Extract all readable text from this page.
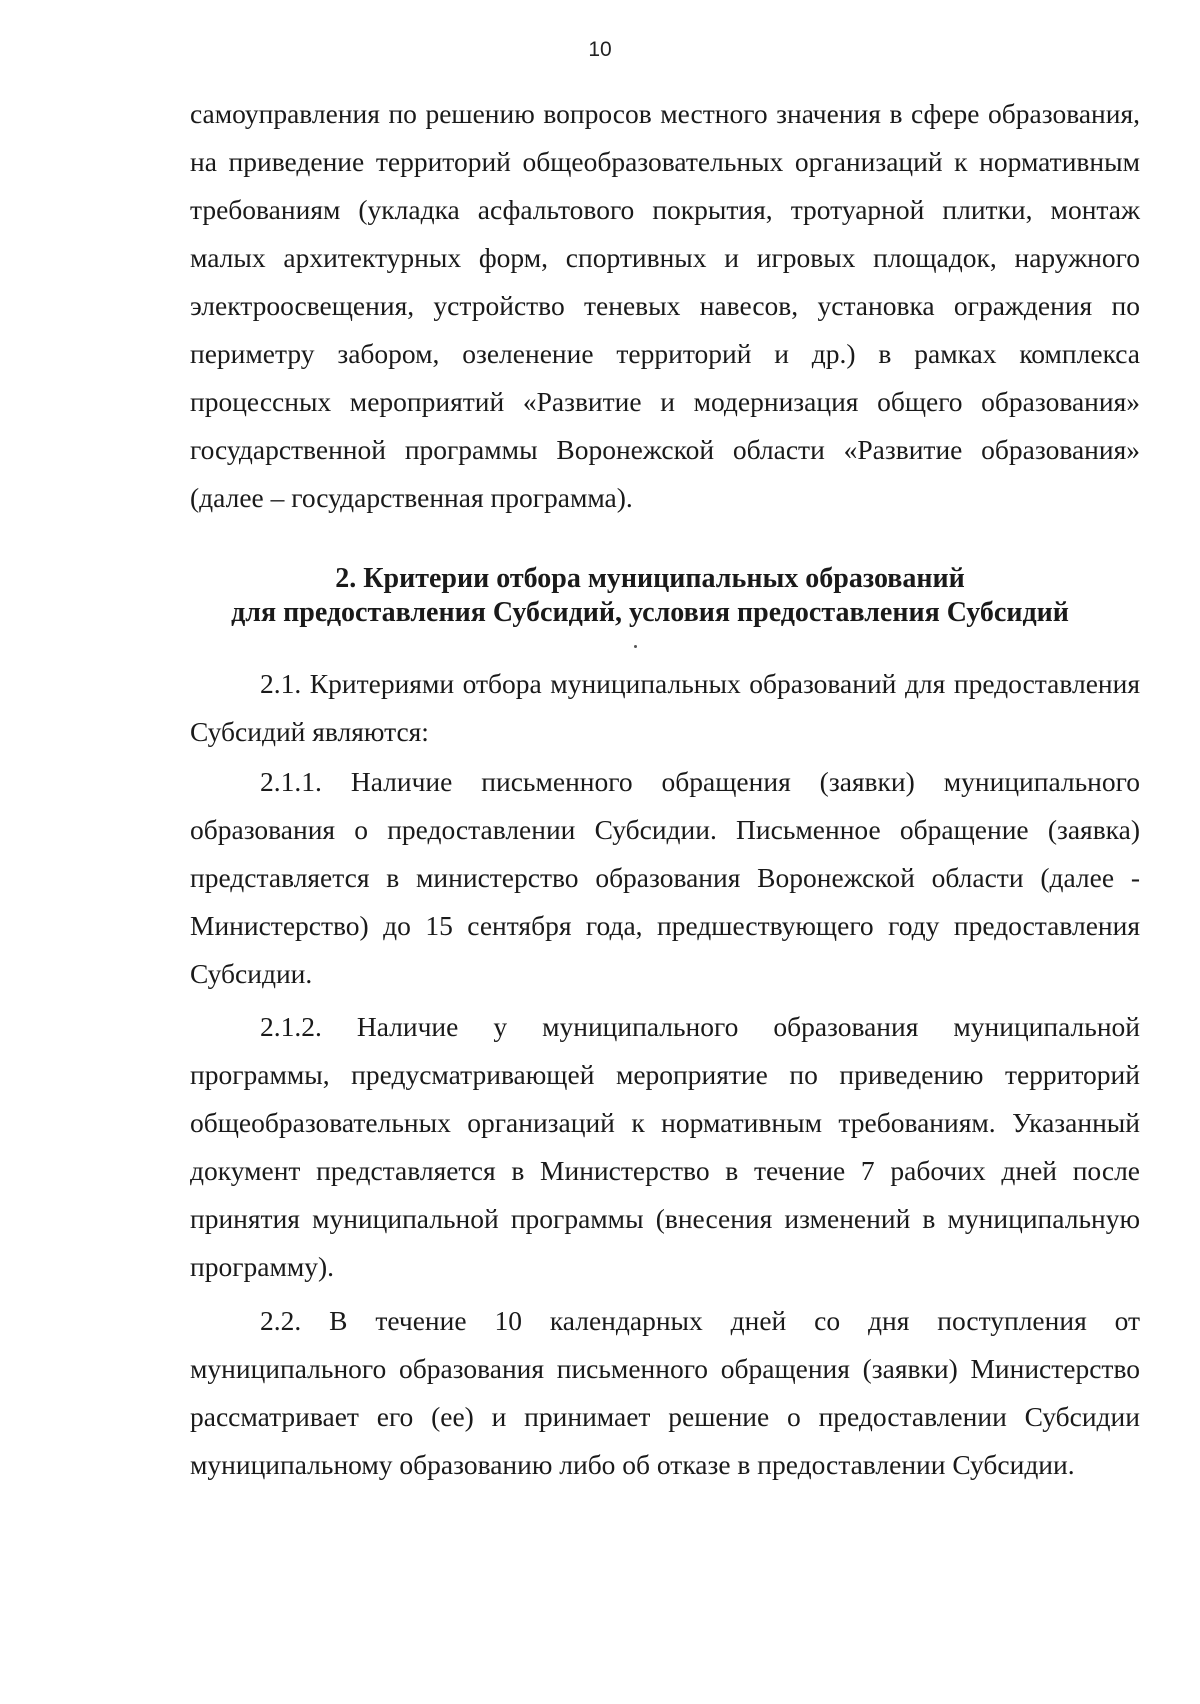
10

самоуправления по решению вопросов местного значения в сфере образования, на приведение территорий общеобразовательных организаций к нормативным требованиям (укладка асфальтового покрытия, тротуарной плитки, монтаж малых архитектурных форм, спортивных и игровых площадок, наружного электроосвещения, устройство теневых навесов, установка ограждения по периметру забором, озеленение территорий и др.) в рамках комплекса процессных мероприятий «Развитие и модернизация общего образования» государственной программы Воронежской области «Развитие образования» (далее – государственная программа).

2. Критерии отбора муниципальных образований
для предоставления Субсидий, условия предоставления Субсидий

2.1. Критериями отбора муниципальных образований для предоставления Субсидий являются:

2.1.1. Наличие письменного обращения (заявки) муниципального образования о предоставлении Субсидии. Письменное обращение (заявка) представляется в министерство образования Воронежской области (далее - Министерство) до 15 сентября года, предшествующего году предоставления Субсидии.

2.1.2. Наличие у муниципального образования муниципальной программы, предусматривающей мероприятие по приведению территорий общеобразовательных организаций к нормативным требованиям. Указанный документ представляется в Министерство в течение 7 рабочих дней после принятия муниципальной программы (внесения изменений в муниципальную программу).

2.2. В течение 10 календарных дней со дня поступления от муниципального образования письменного обращения (заявки) Министерство рассматривает его (ее) и принимает решение о предоставлении Субсидии муниципальному образованию либо об отказе в предоставлении Субсидии.
